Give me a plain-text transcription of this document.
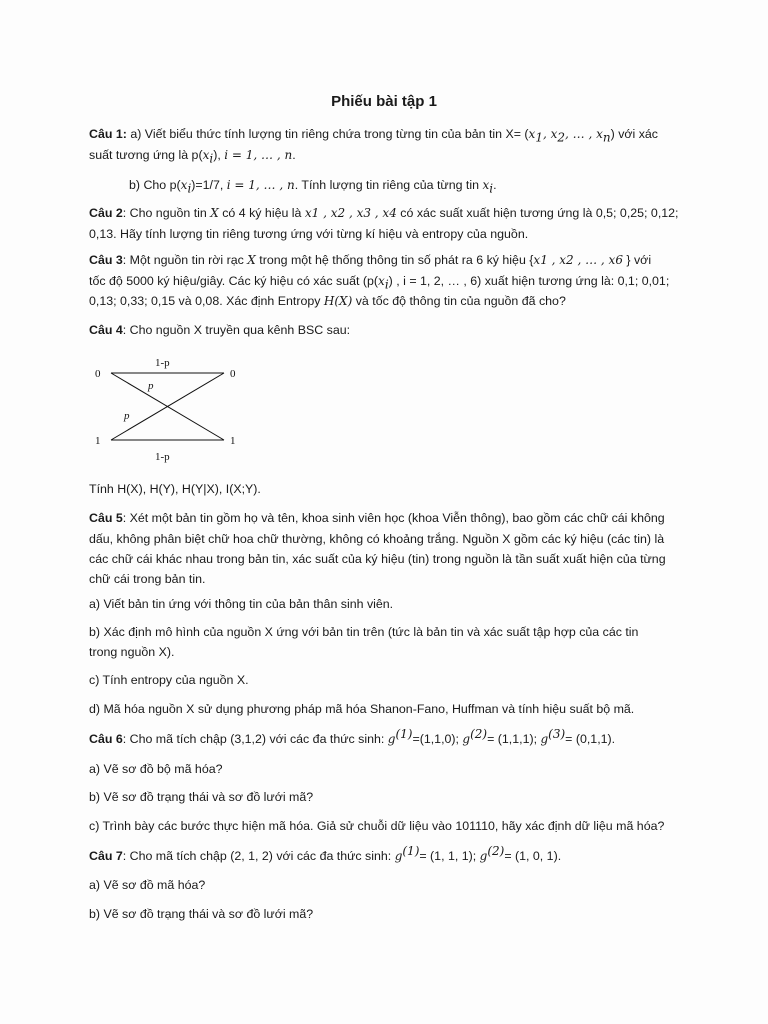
Phiếu bài tập 1
Câu 1: a) Viết biểu thức tính lượng tin riêng chứa trong từng tin của bản tin $X= (x_1$, $x_2$, … , $x_n$) với xác
suất tương ứng là $p(x_i)$, i = 1, … , n.
b) Cho $p(x_i)=1/7$, i = 1, … , n. Tính lượng tin riêng của từng tin $x_i$.
Câu 2: Cho nguồn tin X có 4 ký hiệu là x1 , x2 , x3 , x4 có xác suất xuất hiện tương ứng là 0,5; 0,25; 0,12;
0,13. Hãy tính lượng tin riêng tương ứng với từng kí hiệu và entropy của nguồn.
Câu 3: Một nguồn tin rời rạc X trong một hệ thống thông tin số phát ra 6 ký hiệu {x1 , x2 , … , x6 } với
tốc độ 5000 ký hiệu/giây. Các ký hiệu có xác suất ($p(x_i)$ , i = 1, 2, … , 6) xuất hiện tương ứng là: 0,1; 0,01;
0,13; 0,33; 0,15 và 0,08. Xác định Entropy H(X) và tốc độ thông tin của nguồn đã cho?
Câu 4: Cho nguồn X truyền qua kênh BSC sau:
0	0
1	1
1-p
1-p
p
p
Tính H(X), H(Y), H(Y|X), I(X;Y).
Câu 5: Xét một bản tin gồm họ và tên, khoa sinh viên học (khoa Viễn thông), bao gồm các chữ cái không
dấu, không phân biệt chữ hoa chữ thường, không có khoảng trắng. Nguồn X gồm các ký hiệu (các tin) là
các chữ cái khác nhau trong bản tin, xác suất của ký hiệu (tin) trong nguồn là tần suất xuất hiện của từng
chữ cái trong bản tin.
a) Viết bản tin ứng với thông tin của bản thân sinh viên.
b) Xác định mô hình của nguồn X ứng với bản tin trên (tức là bản tin và xác suất tập hợp của các tin
trong nguồn X).
c) Tính entropy của nguồn X.
d) Mã hóa nguồn X sử dụng phương pháp mã hóa Shanon-Fano, Huffman và tính hiệu suất bộ mã.
Câu 6: Cho mã tích chập (3,1,2) với các đa thức sinh: $g^{(1)}=(1,1,0)$; $g^{(2)}= (1,1,1)$; $g^{(3)}= (0,1,1)$.
a) Vẽ sơ đồ bộ mã hóa?
b) Vẽ sơ đồ trạng thái và sơ đồ lưới mã?
c) Trình bày các bước thực hiện mã hóa. Giả sử chuỗi dữ liệu vào 101110, hãy xác định dữ liệu mã hóa?
Câu 7: Cho mã tích chập (2, 1, 2) với các đa thức sinh: $g^{(1)}= (1$, 1, 1); $g^{(2)}= (1$, 0, 1).
a) Vẽ sơ đồ mã hóa?
b) Vẽ sơ đồ trạng thái và sơ đồ lưới mã?
